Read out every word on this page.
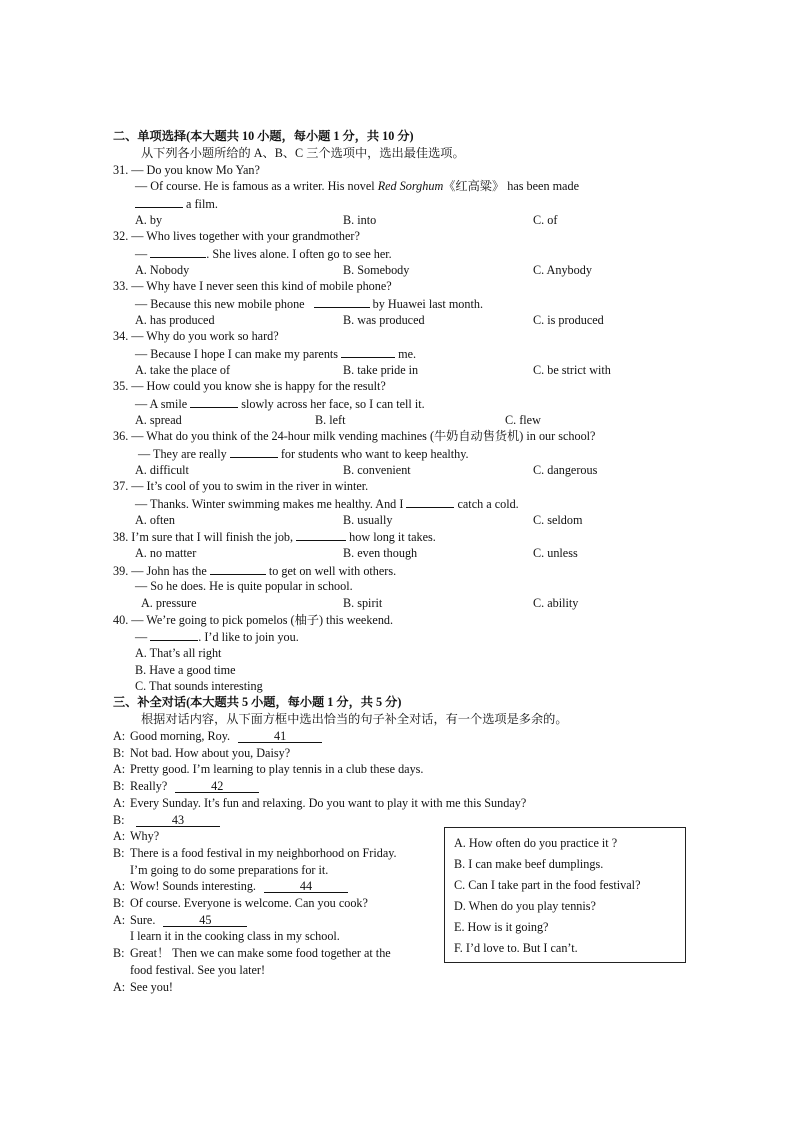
二、单项选择(本大题共 10 小题，每小题 1 分，共 10 分)
从下列各小题所给的 A、B、C 三个选项中，选出最佳选项。
31. — Do you know Mo Yan?
— Of course. He is famous as a writer. His novel Red Sorghum《红高粱》 has been made
a film.
A. by	B. into	C. of
32. — Who lives together with your grandmother?
—	. She lives alone. I often go to see her.
A. Nobody	B. Somebody	C. Anybody
33. — Why have I never seen this kind of mobile phone?
— Because this new mobile phone	by Huawei last month.
A. has produced	B. was produced	C. is produced
34. — Why do you work so hard?
— Because I hope I can make my parents	me.
A. take the place of	B. take pride in	C. be strict with
35. — How could you know she is happy for the result?
— A smile	slowly across her face, so I can tell it.
A. spread	B. left	C. flew
36. — What do you think of the 24-hour milk vending machines (牛奶自动售货机) in our school?
— They are really	for students who want to keep healthy.
A. difficult	B. convenient	C. dangerous
37. — It’s cool of you to swim in the river in winter.
— Thanks. Winter swimming makes me healthy. And I	catch a cold.
A. often	B. usually	C. seldom
38. I’m sure that I will finish the job,	how long it takes.
A. no matter	B. even though	C. unless
39. — John has the	to get on well with others.
— So he does. He is quite popular in school.
A. pressure	B. spirit	C. ability
40. — We’re going to pick pomelos (柚子) this weekend.
—	. I’d like to join you.
A. That’s all right
B. Have a good time
C. That sounds interesting
三、补全对话(本大题共 5 小题，每小题 1 分，共 5 分)
根据对话内容，从下面方框中选出恰当的句子补全对话，有一个选项是多余的。
A: Good morning, Roy.	41
B: Not bad. How about you, Daisy?
A: Pretty good. I’m learning to play tennis in a club these days.
B: Really?	42
A: Every Sunday. It’s fun and relaxing. Do you want to play it with me this Sunday?
B:	43
A: Why?
B: There is a food festival in my neighborhood on Friday.
I’m going to do some preparations for it.
A: Wow! Sounds interesting.	44
B: Of course. Everyone is welcome. Can you cook?
A: Sure.	45
I learn it in the cooking class in my school.
B: Great！ Then we can make some food together at the
food festival. See you later!
A: See you!
A. How often do you practice it ?
B. I can make beef dumplings.
C. Can I take part in the food festival?
D. When do you play tennis?
E. How is it going?
F. I’d love to. But I can’t.
